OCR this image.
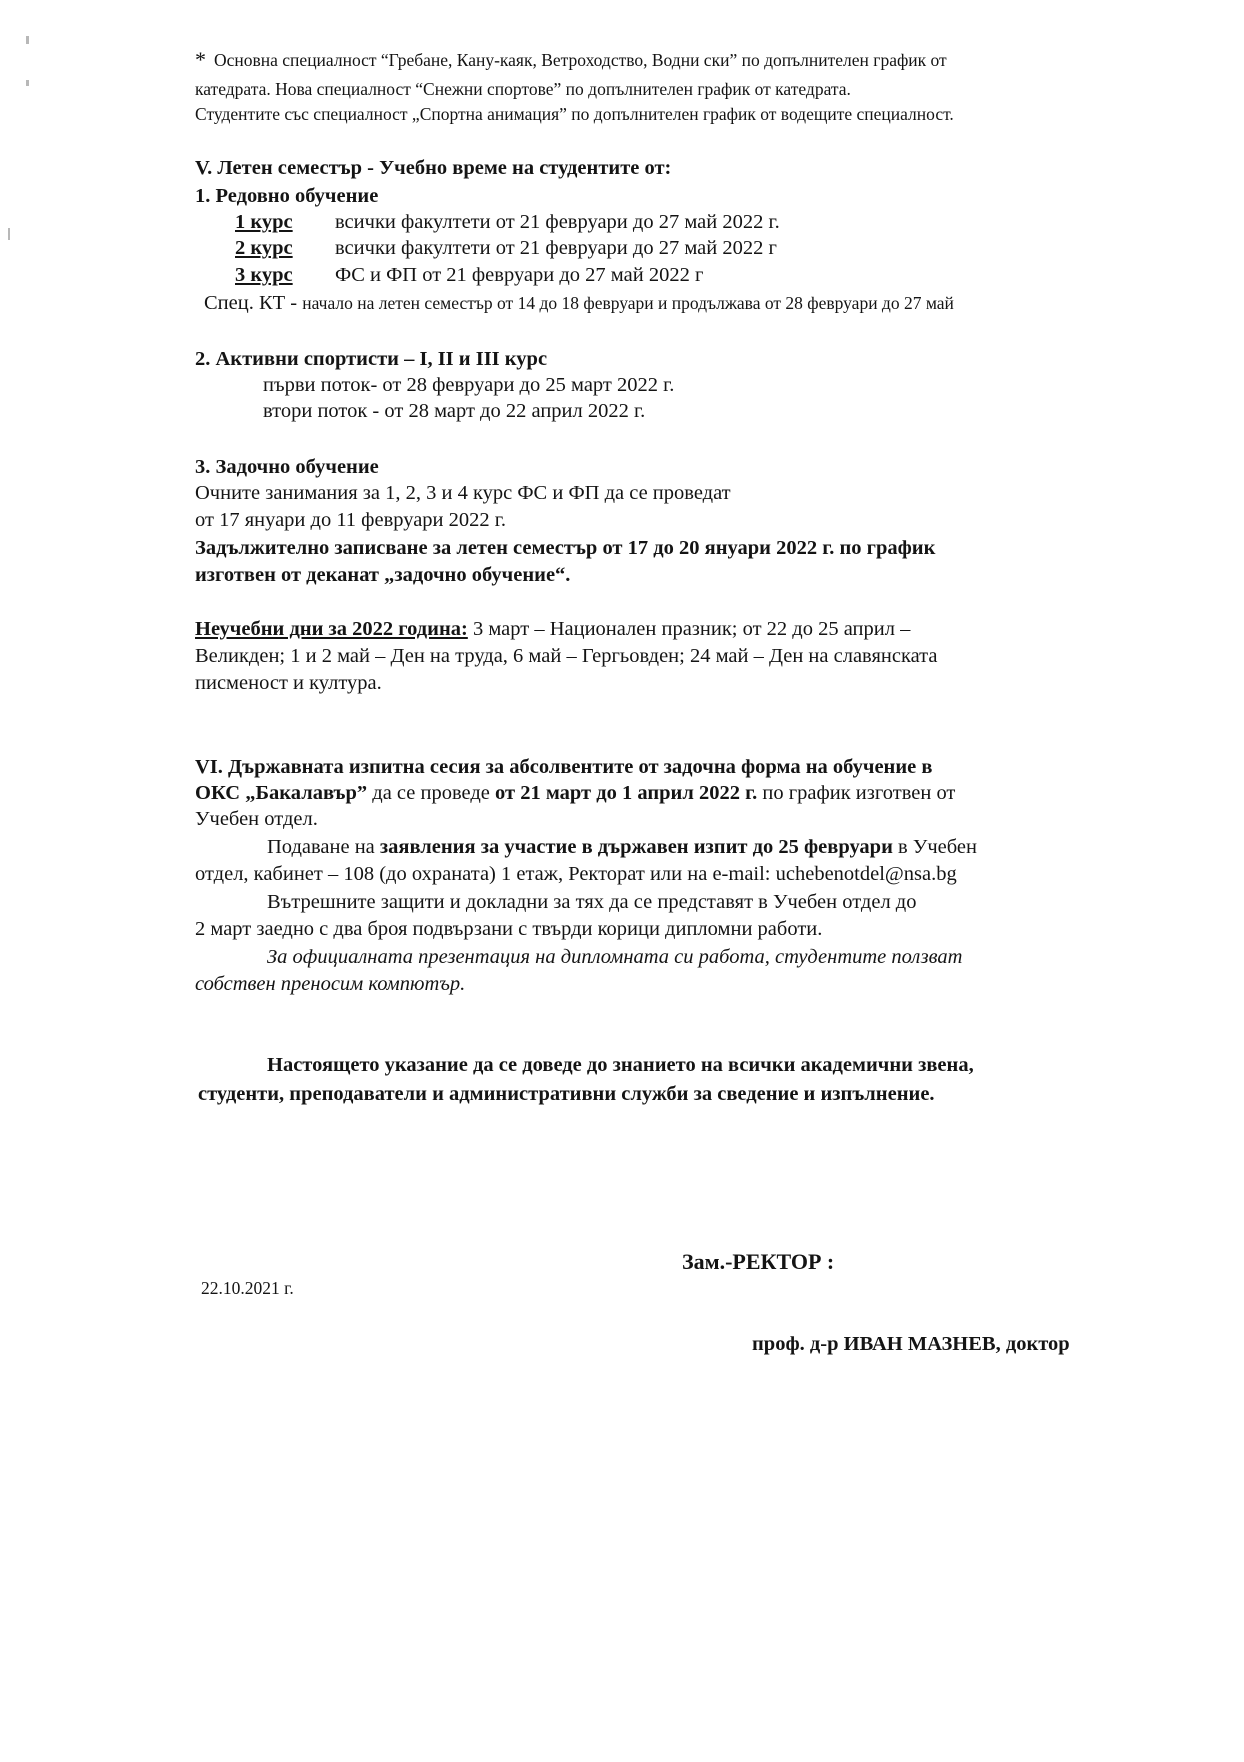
* Основна специалност “Гребане, Кану-каяк, Ветроходство, Водни ски” по допълнителен график от
катедрата. Нова специалност “Снежни спортове” по допълнителен график от катедрата.
Студентите със специалност „Спортна анимация” по допълнителен график от водещите специалност.
V. Летен семестър - Учебно време на студентите от:
1. Редовно обучение
1 курс всички факултети от 21 февруари до 27 май 2022 г.
2 курс всички факултети от 21 февруари до 27 май 2022 г
3 курс ФС и ФП от 21 февруари до 27 май 2022 г
Спец. КТ - начало на летен семестър от 14 до 18 февруари и продължава от 28 февруари до 27 май
2. Активни спортисти – I, II и III курс
първи поток- от 28 февруари до 25 март 2022 г.
втори поток - от 28 март до 22 април 2022 г.
3. Задочно обучение
Очните занимания за 1, 2, 3 и 4 курс ФС и ФП да се проведат
от 17 януари до 11 февруари 2022 г.
Задължително записване за летен семестър от 17 до 20 януари 2022 г. по график
изготвен от деканат „задочно обучение“.
Неучебни дни за 2022 година: 3 март – Национален празник; от 22 до 25 април –
Великден; 1 и 2 май – Ден на труда, 6 май – Гергьовден; 24 май – Ден на славянската
писменост и култура.
VI. Държавната изпитна сесия за абсолвентите от задочна форма на обучение в
ОКС „Бакалавър” да се проведе от 21 март до 1 април 2022 г. по график изготвен от
Учебен отдел.
Подаване на заявления за участие в държавен изпит до 25 февруари в Учебен
отдел, кабинет – 108 (до охраната) 1 етаж, Ректорат или на e-mail: uchebenotdel@nsa.bg
Вътрешните защити и докладни за тях да се представят в Учебен отдел до
2 март заедно с два броя подвързани с твърди корици дипломни работи.
За официалната презентация на дипломната си работа, студентите ползват
собствен преносим компютър.
Настоящето указание да се доведе до знанието на всички академични звена,
студенти, преподаватели и административни служби за сведение и изпълнение.
Зам.-РЕКТОР :
22.10.2021 г.
проф. д-р ИВАН МАЗНЕВ, доктор
